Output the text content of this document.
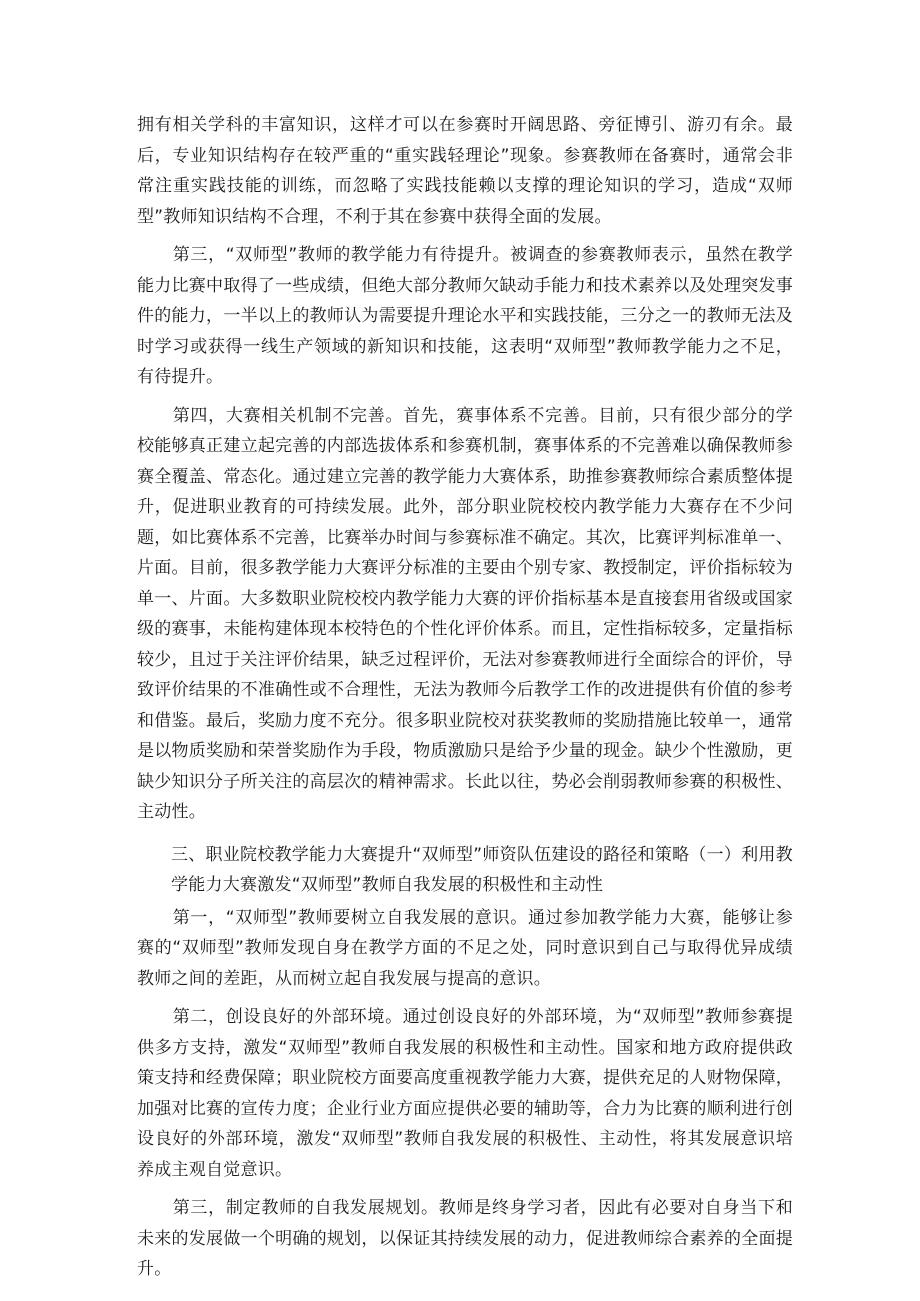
拥有相关学科的丰富知识，这样才可以在参赛时开阔思路、旁征博引、游刃有余。最后，专业知识结构存在较严重的“重实践轻理论”现象。参赛教师在备赛时，通常会非常注重实践技能的训练，而忽略了实践技能赖以支撑的理论知识的学习，造成“双师型”教师知识结构不合理，不利于其在参赛中获得全面的发展。

第三，“双师型”教师的教学能力有待提升。被调查的参赛教师表示，虽然在教学能力比赛中取得了一些成绩，但绝大部分教师欠缺动手能力和技术素养以及处理突发事件的能力，一半以上的教师认为需要提升理论水平和实践技能，三分之一的教师无法及时学习或获得一线生产领域的新知识和技能，这表明“双师型”教师教学能力之不足，有待提升。

第四，大赛相关机制不完善。首先，赛事体系不完善。目前，只有很少部分的学校能够真正建立起完善的内部选拔体系和参赛机制，赛事体系的不完善难以确保教师参赛全覆盖、常态化。通过建立完善的教学能力大赛体系，助推参赛教师综合素质整体提升，促进职业教育的可持续发展。此外，部分职业院校校内教学能力大赛存在不少问题，如比赛体系不完善，比赛举办时间与参赛标准不确定。其次，比赛评判标准单一、片面。目前，很多教学能力大赛评分标准的主要由个别专家、教授制定，评价指标较为单一、片面。大多数职业院校校内教学能力大赛的评价指标基本是直接套用省级或国家级的赛事，未能构建体现本校特色的个性化评价体系。而且，定性指标较多，定量指标较少，且过于关注评价结果，缺乏过程评价，无法对参赛教师进行全面综合的评价，导致评价结果的不准确性或不合理性，无法为教师今后教学工作的改进提供有价值的参考和借鉴。最后，奖励力度不充分。很多职业院校对获奖教师的奖励措施比较单一，通常是以物质奖励和荣誉奖励作为手段，物质激励只是给予少量的现金。缺少个性激励，更缺少知识分子所关注的高层次的精神需求。长此以往，势必会削弱教师参赛的积极性、主动性。

三、职业院校教学能力大赛提升“双师型”师资队伍建设的路径和策略（一）利用教学能力大赛激发“双师型”教师自我发展的积极性和主动性

第一，“双师型”教师要树立自我发展的意识。通过参加教学能力大赛，能够让参赛的“双师型”教师发现自身在教学方面的不足之处，同时意识到自己与取得优异成绩教师之间的差距，从而树立起自我发展与提高的意识。

第二，创设良好的外部环境。通过创设良好的外部环境，为“双师型”教师参赛提供多方支持，激发“双师型”教师自我发展的积极性和主动性。国家和地方政府提供政策支持和经费保障；职业院校方面要高度重视教学能力大赛，提供充足的人财物保障，加强对比赛的宣传力度；企业行业方面应提供必要的辅助等，合力为比赛的顺利进行创设良好的外部环境，激发“双师型”教师自我发展的积极性、主动性，将其发展意识培养成主观自觉意识。

第三，制定教师的自我发展规划。教师是终身学习者，因此有必要对自身当下和未来的发展做一个明确的规划，以保证其持续发展的动力，促进教师综合素养的全面提升。
